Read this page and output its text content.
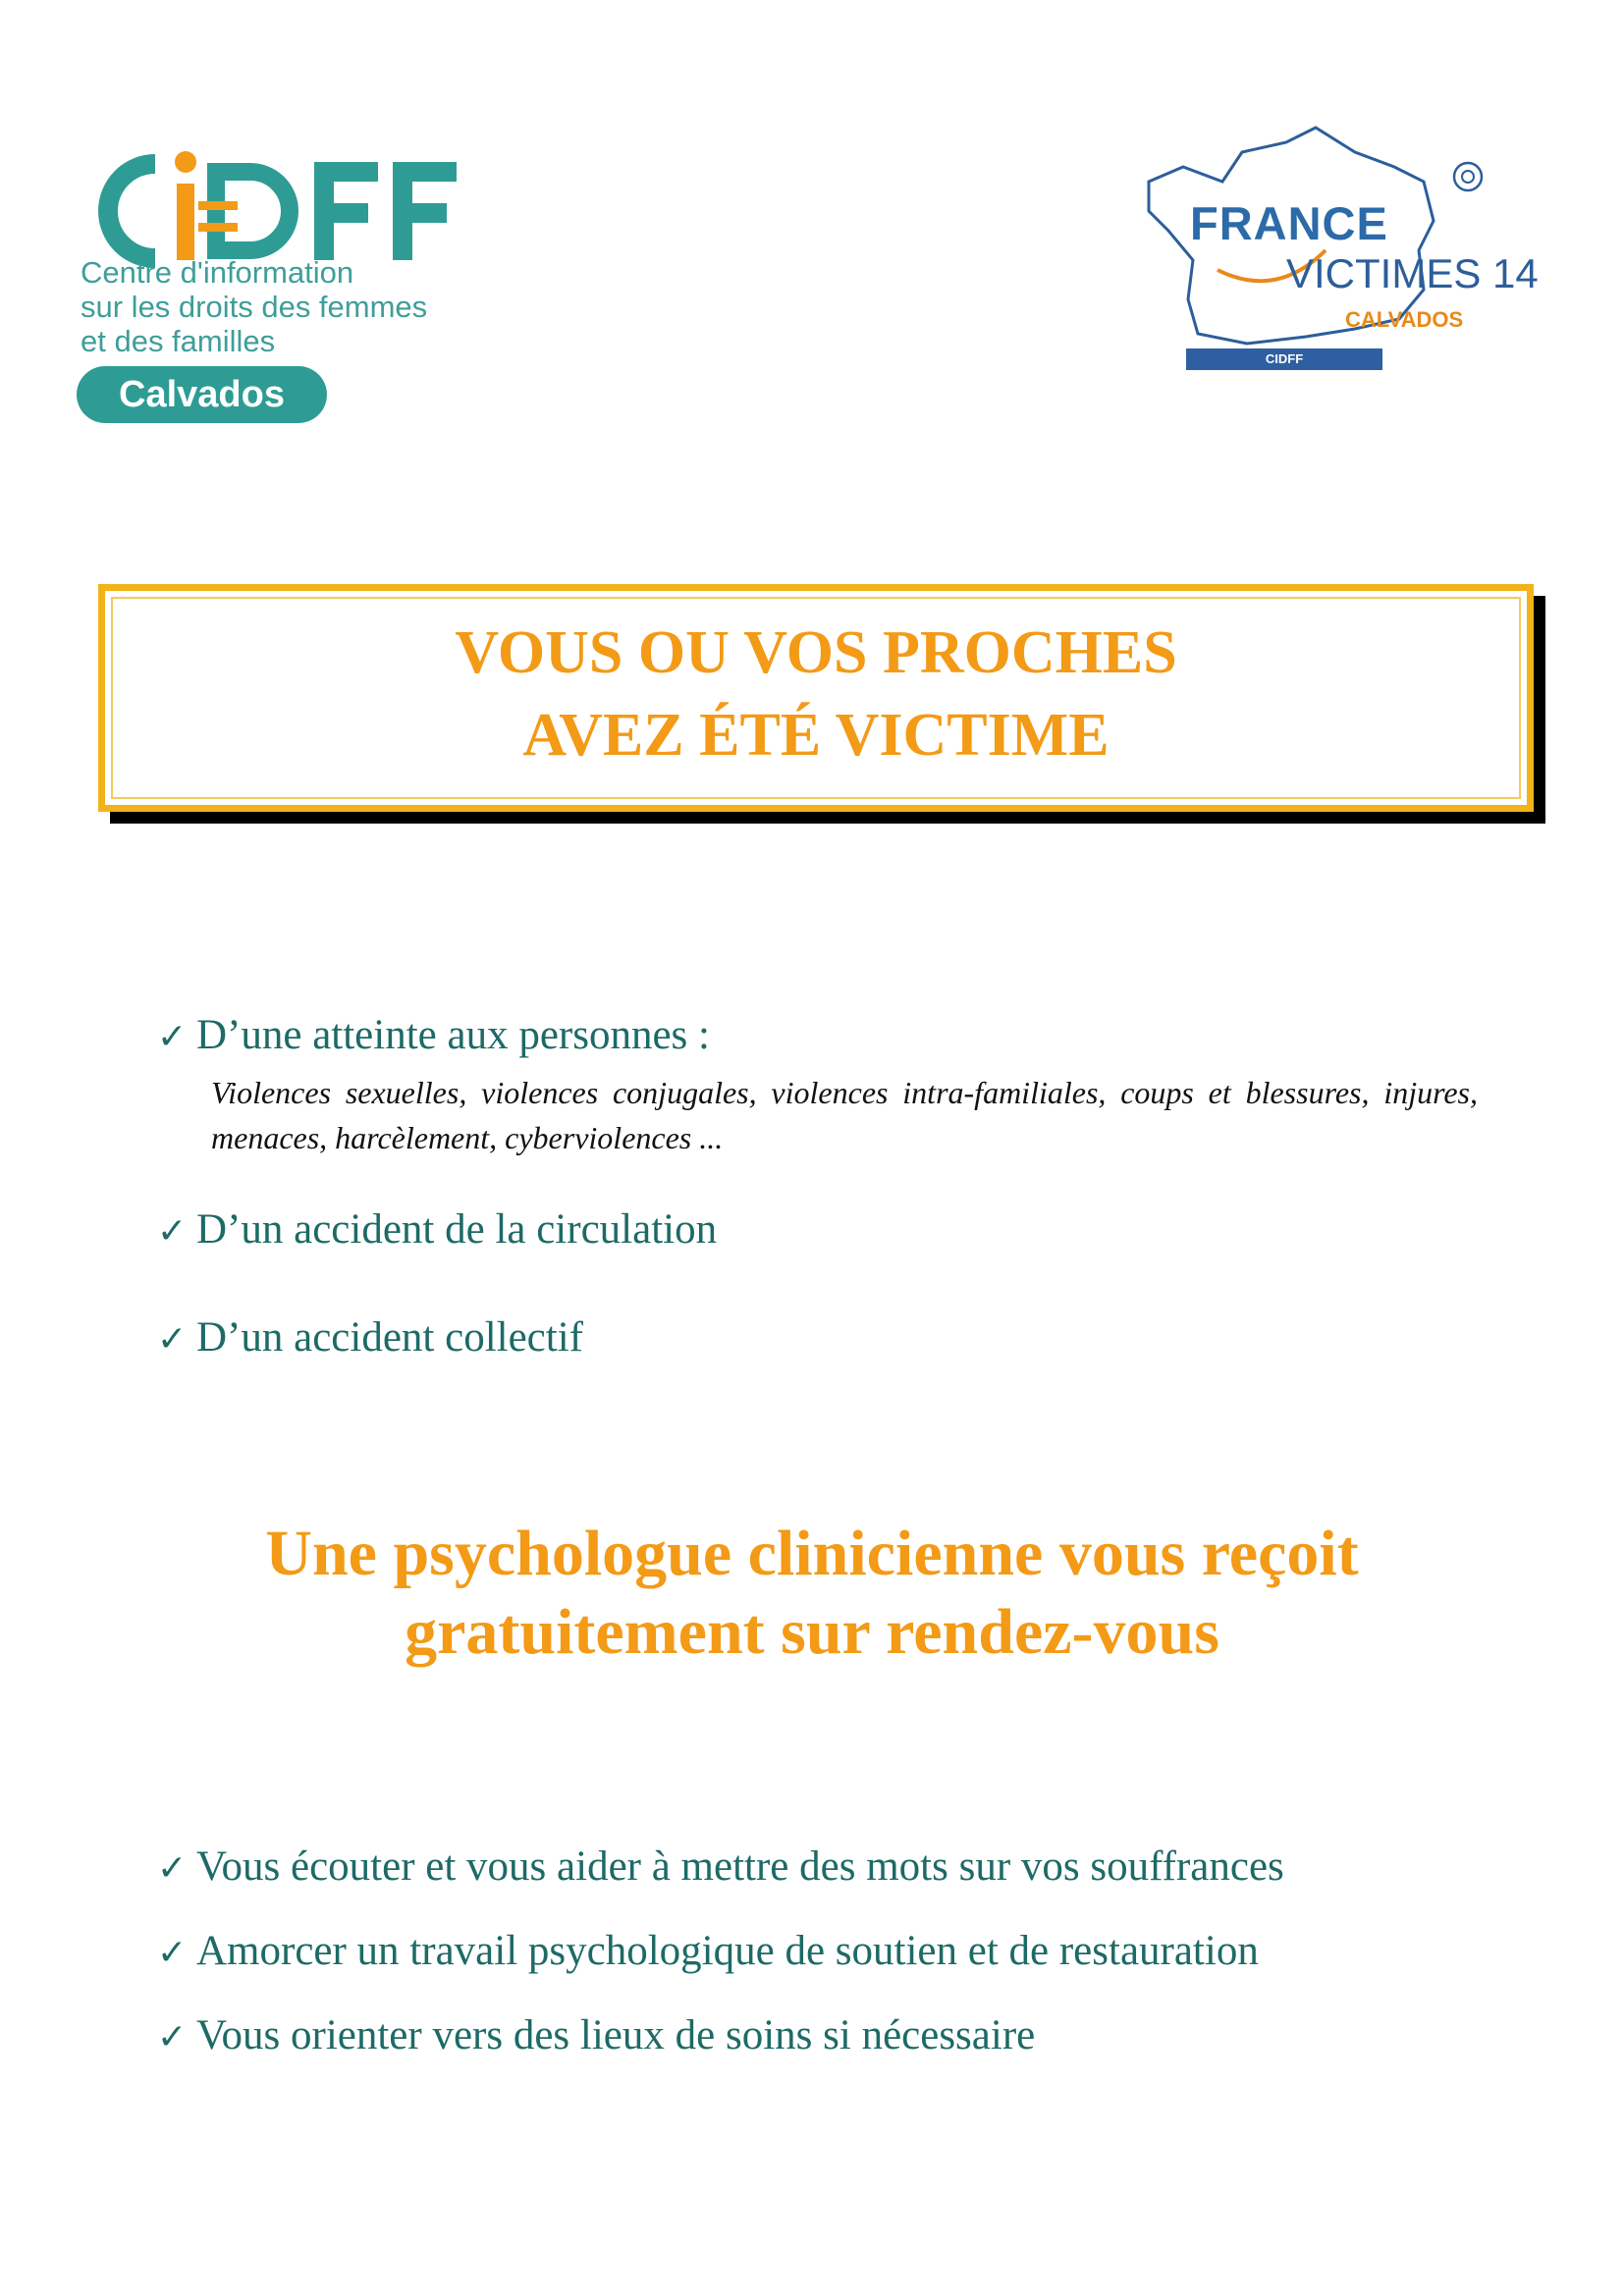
Centre d'information
sur les droits des femmes
et des familles
Calvados
FRANCE
VICTIMES 14
CALVADOS
CIDFF
VOUS OU VOS PROCHES
AVEZ ÉTÉ VICTIME
✓ D’une atteinte aux personnes :
Violences sexuelles, violences conjugales, violences intra-familiales, coups et blessures, injures, menaces, harcèlement, cyberviolences ...
✓ D’un accident de la circulation
✓ D’un accident collectif
Une psychologue clinicienne vous reçoit
gratuitement sur rendez-vous
✓ Vous écouter et vous aider à mettre des mots sur vos souffrances
✓ Amorcer un travail psychologique de soutien et de restauration
✓ Vous orienter vers des lieux de soins si nécessaire
